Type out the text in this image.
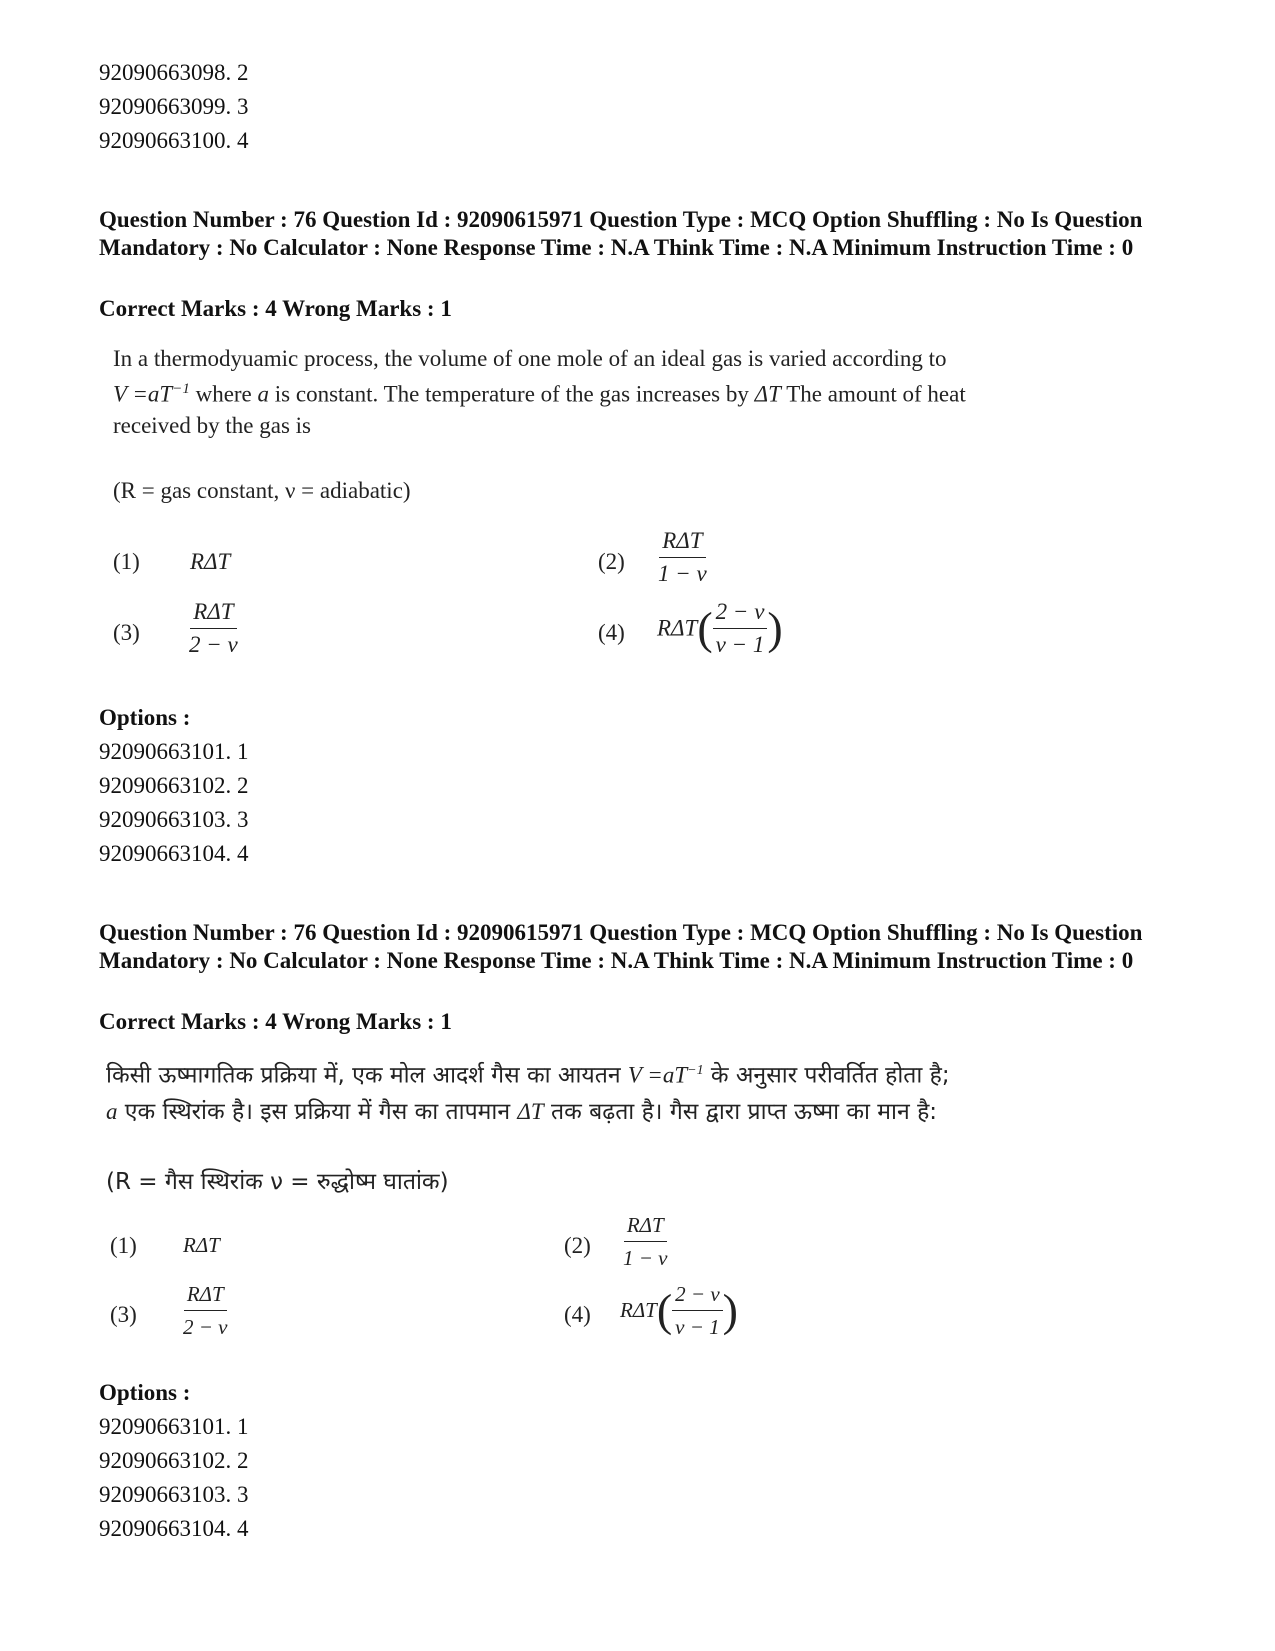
92090663098. 2
92090663099. 3
92090663100. 4
Question Number : 76 Question Id : 92090615971 Question Type : MCQ Option Shuffling : No Is Question Mandatory : No Calculator : None Response Time : N.A Think Time : N.A Minimum Instruction Time : 0
Correct Marks : 4 Wrong Marks : 1
In a thermodyuamic process, the volume of one mole of an ideal gas is varied according to
$V =aT^{-1}$ where a is constant. The temperature of the gas increases by ΔT The amount of heat
received by the gas is
(R = gas constant, ν = adiabatic)
(1) RΔT	$(2) \frac{\text{RΔT}}{1 - \nu}$
$(3) \frac{\text{RΔT}}{2 - \nu}$	(4) $R\Delta T( \frac{2 - \nu}{\nu - 1}$ )
Options :
92090663101. 1
92090663102. 2
92090663103. 3
92090663104. 4
Question Number : 76 Question Id : 92090615971 Question Type : MCQ Option Shuffling : No Is Question Mandatory : No Calculator : None Response Time : N.A Think Time : N.A Minimum Instruction Time : 0
Correct Marks : 4 Wrong Marks : 1
किसी ऊष्मागतिक प्रक्रिया में, एक मोल आदर्श गैस का आयतन $V =aT^{-1}$ के अनुसार परीवर्तित होता है;
a एक स्थिरांक है। इस प्रक्रिया में गैस का तापमान ΔT तक बढ़ता है। गैस द्वारा प्राप्त ऊष्मा का मान है:
(R = गैस स्थिरांक ν = रुद्धोष्म घातांक)
(1) RΔT	$(2) \frac{\text{RΔT}}{1 - \nu}$
$(3) \frac{\text{RΔT}}{2 - \nu}$	(4) $R\Delta T( \frac{2 - \nu}{\nu - 1}$ )
Options :
92090663101. 1
92090663102. 2
92090663103. 3
92090663104. 4
